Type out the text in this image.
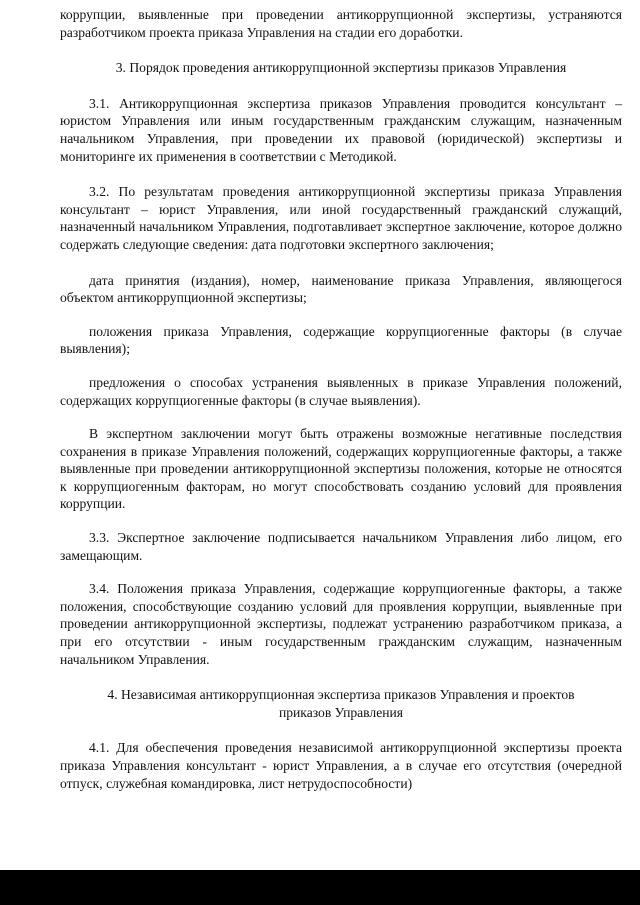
коррупции, выявленные при проведении антикоррупционной экспертизы, устраняются разработчиком проекта приказа Управления на стадии его доработки.

3. Порядок проведения антикоррупционной экспертизы приказов Управления

3.1. Антикоррупционная экспертиза приказов Управления проводится консультант – юристом Управления или иным государственным гражданским служащим, назначенным начальником Управления, при проведении их правовой (юридической) экспертизы и мониторинге их применения в соответствии с Методикой.

3.2. По результатам проведения антикоррупционной экспертизы приказа Управления консультант – юрист Управления, или иной государственный гражданский служащий, назначенный начальником Управления, подготавливает экспертное заключение, которое должно содержать следующие сведения: дата подготовки экспертного заключения;

дата принятия (издания), номер, наименование приказа Управления, являющегося объектом антикоррупционной экспертизы;

положения приказа Управления, содержащие коррупциогенные факторы (в случае выявления);

предложения о способах устранения выявленных в приказе Управления положений, содержащих коррупциогенные факторы (в случае выявления).

В экспертном заключении могут быть отражены возможные негативные последствия сохранения в приказе Управления положений, содержащих коррупциогенные факторы, а также выявленные при проведении антикоррупционной экспертизы положения, которые не относятся к коррупциогенным факторам, но могут способствовать созданию условий для проявления коррупции.

3.3. Экспертное заключение подписывается начальником Управления либо лицом, его замещающим.

3.4. Положения приказа Управления, содержащие коррупциогенные факторы, а также положения, способствующие созданию условий для проявления коррупции, выявленные при проведении антикоррупционной экспертизы, подлежат устранению разработчиком приказа, а при его отсутствии - иным государственным гражданским служащим, назначенным начальником Управления.

4. Независимая антикоррупционная экспертиза приказов Управления и проектов

приказов Управления

4.1. Для обеспечения проведения независимой антикоррупционной экспертизы проекта приказа Управления консультант - юрист Управления, а в случае его отсутствия (очередной отпуск, служебная командировка, лист нетрудоспособности)
